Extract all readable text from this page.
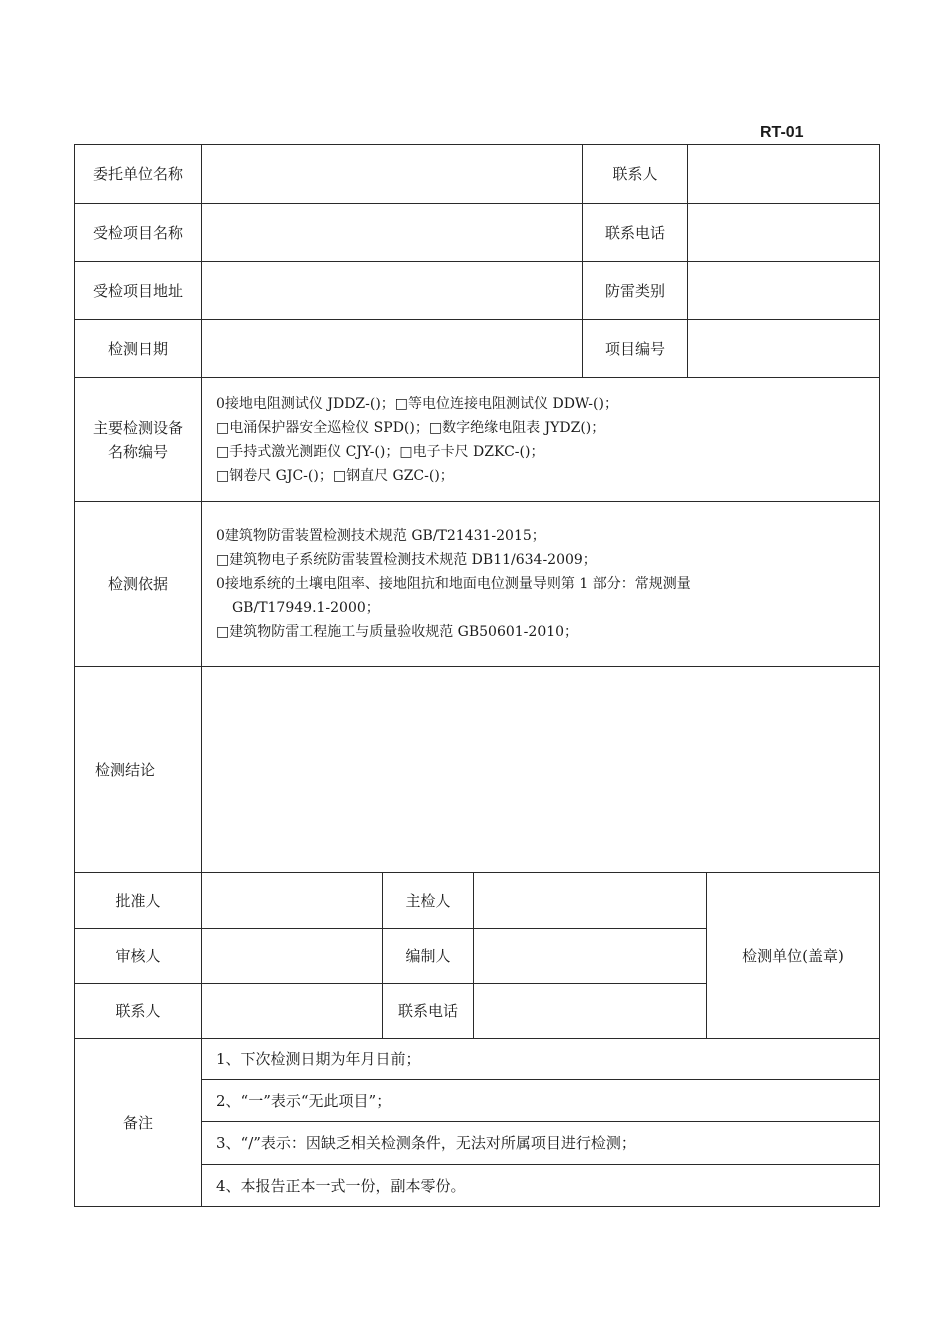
RT-01
委托单位名称	联系人
受检项目名称	联系电话
受检项目地址	防雷类别
检测日期	项目编号
主要检测设备名称编号
0接地电阻测试仪 JDDZ-()；□等电位连接电阻测试仪 DDW-()；
□电涌保护器安全巡检仪 SPD()；□数字绝缘电阻表 JYDZ()；
□手持式激光测距仪 CJY-()；□电子卡尺 DZKC-()；
□钢卷尺 GJC-()；□钢直尺 GZC-()；
检测依据
0建筑物防雷装置检测技术规范 GB/T21431-2015；
□建筑物电子系统防雷装置检测技术规范 DB11/634-2009；
0接地系统的土壤电阻率、接地阻抗和地面电位测量导则第 1 部分：常规测量
GB/T17949.1-2000；
□建筑物防雷工程施工与质量验收规范 GB50601-2010；
检测结论
批准人	主检人
审核人	编制人
联系人	联系电话
检测单位(盖章)
备注
1、下次检测日期为年月日前；
2、“一”表示“无此项目”；
3、“/”表示：因缺乏相关检测条件，无法对所属项目进行检测；
4、本报告正本一式一份，副本零份。
